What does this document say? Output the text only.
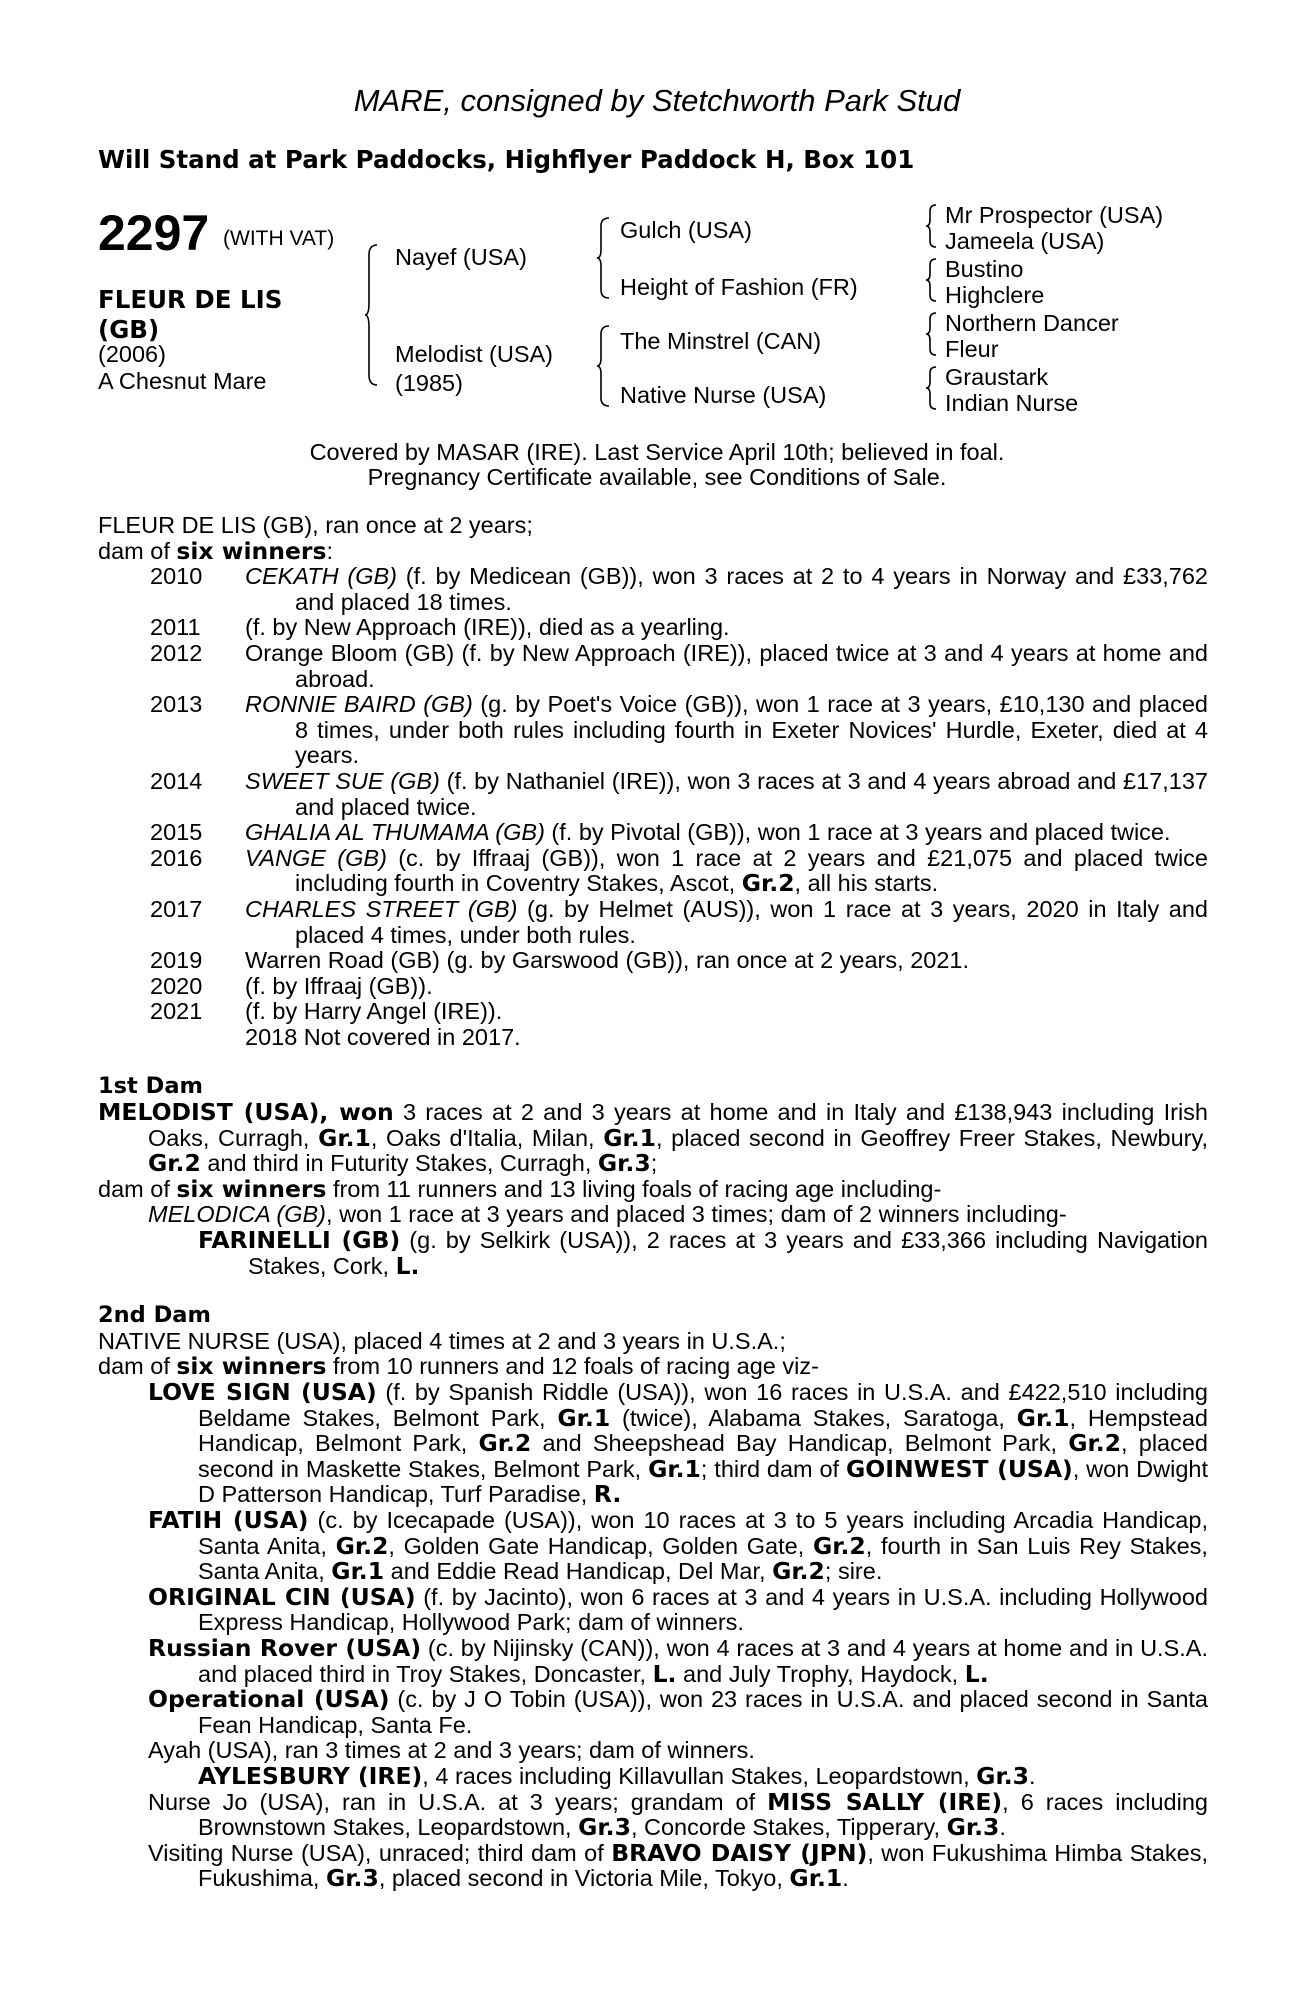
MARE, consigned by Stetchworth Park Stud
Will Stand at Park Paddocks, Highflyer Paddock H, Box 101
2297 (WITH VAT)
FLEUR DE LIS
(GB)
(2006)
A Chesnut Mare
Nayef (USA)
Melodist (USA)
(1985)
Gulch (USA)
Height of Fashion (FR)
The Minstrel (CAN)
Native Nurse (USA)
Mr Prospector (USA)
Jameela (USA)
Bustino
Highclere
Northern Dancer
Fleur
Graustark
Indian Nurse
Covered by MASAR (IRE). Last Service April 10th; believed in foal.
Pregnancy Certificate available, see Conditions of Sale.
FLEUR DE LIS (GB), ran once at 2 years;
dam of six winners:
2010 CEKATH (GB) (f. by Medicean (GB)), won 3 races at 2 to 4 years in Norway and £33,762 and placed 18 times.
2011 (f. by New Approach (IRE)), died as a yearling.
2012 Orange Bloom (GB) (f. by New Approach (IRE)), placed twice at 3 and 4 years at home and abroad.
2013 RONNIE BAIRD (GB) (g. by Poet's Voice (GB)), won 1 race at 3 years, £10,130 and placed 8 times, under both rules including fourth in Exeter Novices' Hurdle, Exeter, died at 4 years.
2014 SWEET SUE (GB) (f. by Nathaniel (IRE)), won 3 races at 3 and 4 years abroad and £17,137 and placed twice.
2015 GHALIA AL THUMAMA (GB) (f. by Pivotal (GB)), won 1 race at 3 years and placed twice.
2016 VANGE (GB) (c. by Iffraaj (GB)), won 1 race at 2 years and £21,075 and placed twice including fourth in Coventry Stakes, Ascot, Gr.2, all his starts.
2017 CHARLES STREET (GB) (g. by Helmet (AUS)), won 1 race at 3 years, 2020 in Italy and placed 4 times, under both rules.
2019 Warren Road (GB) (g. by Garswood (GB)), ran once at 2 years, 2021.
2020 (f. by Iffraaj (GB)).
2021 (f. by Harry Angel (IRE)).
2018 Not covered in 2017.
1st Dam
MELODIST (USA), won 3 races at 2 and 3 years at home and in Italy and £138,943 including Irish Oaks, Curragh, Gr.1, Oaks d'Italia, Milan, Gr.1, placed second in Geoffrey Freer Stakes, Newbury, Gr.2 and third in Futurity Stakes, Curragh, Gr.3;
dam of six winners from 11 runners and 13 living foals of racing age including-
MELODICA (GB), won 1 race at 3 years and placed 3 times; dam of 2 winners including-
FARINELLI (GB) (g. by Selkirk (USA)), 2 races at 3 years and £33,366 including Navigation Stakes, Cork, L.
2nd Dam
NATIVE NURSE (USA), placed 4 times at 2 and 3 years in U.S.A.;
dam of six winners from 10 runners and 12 foals of racing age viz-
LOVE SIGN (USA) (f. by Spanish Riddle (USA)), won 16 races in U.S.A. and £422,510 including Beldame Stakes, Belmont Park, Gr.1 (twice), Alabama Stakes, Saratoga, Gr.1, Hempstead Handicap, Belmont Park, Gr.2 and Sheepshead Bay Handicap, Belmont Park, Gr.2, placed second in Maskette Stakes, Belmont Park, Gr.1; third dam of GOINWEST (USA), won Dwight D Patterson Handicap, Turf Paradise, R.
FATIH (USA) (c. by Icecapade (USA)), won 10 races at 3 to 5 years including Arcadia Handicap, Santa Anita, Gr.2, Golden Gate Handicap, Golden Gate, Gr.2, fourth in San Luis Rey Stakes, Santa Anita, Gr.1 and Eddie Read Handicap, Del Mar, Gr.2; sire.
ORIGINAL CIN (USA) (f. by Jacinto), won 6 races at 3 and 4 years in U.S.A. including Hollywood Express Handicap, Hollywood Park; dam of winners.
Russian Rover (USA) (c. by Nijinsky (CAN)), won 4 races at 3 and 4 years at home and in U.S.A. and placed third in Troy Stakes, Doncaster, L. and July Trophy, Haydock, L.
Operational (USA) (c. by J O Tobin (USA)), won 23 races in U.S.A. and placed second in Santa Fean Handicap, Santa Fe.
Ayah (USA), ran 3 times at 2 and 3 years; dam of winners.
AYLESBURY (IRE), 4 races including Killavullan Stakes, Leopardstown, Gr.3.
Nurse Jo (USA), ran in U.S.A. at 3 years; grandam of MISS SALLY (IRE), 6 races including Brownstown Stakes, Leopardstown, Gr.3, Concorde Stakes, Tipperary, Gr.3.
Visiting Nurse (USA), unraced; third dam of BRAVO DAISY (JPN), won Fukushima Himba Stakes, Fukushima, Gr.3, placed second in Victoria Mile, Tokyo, Gr.1.
